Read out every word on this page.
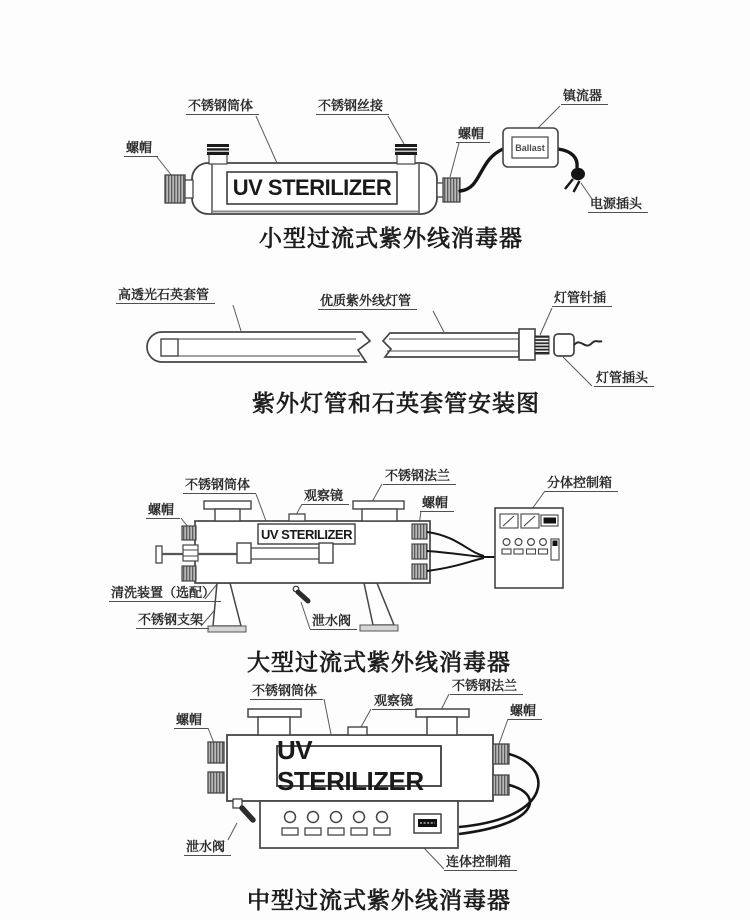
螺帽
不锈钢筒体	不锈钢丝接
螺帽
镇流器
电源插头
UV STERILIZER
Ballast
小型过流式紫外线消毒器
高透光石英套管	优质紫外线灯管	灯管针插
灯管插头
紫外灯管和石英套管安装图
螺帽
不锈钢筒体
观察镜
不锈钢法兰
螺帽
分体控制箱
清洗装置（选配）
不锈钢支架	泄水阀
UV STERILIZER
大型过流式紫外线消毒器
螺帽
不锈钢筒体
观察镜
不锈钢法兰
螺帽
泄水阀
连体控制箱
UV STERILIZER
中型过流式紫外线消毒器
